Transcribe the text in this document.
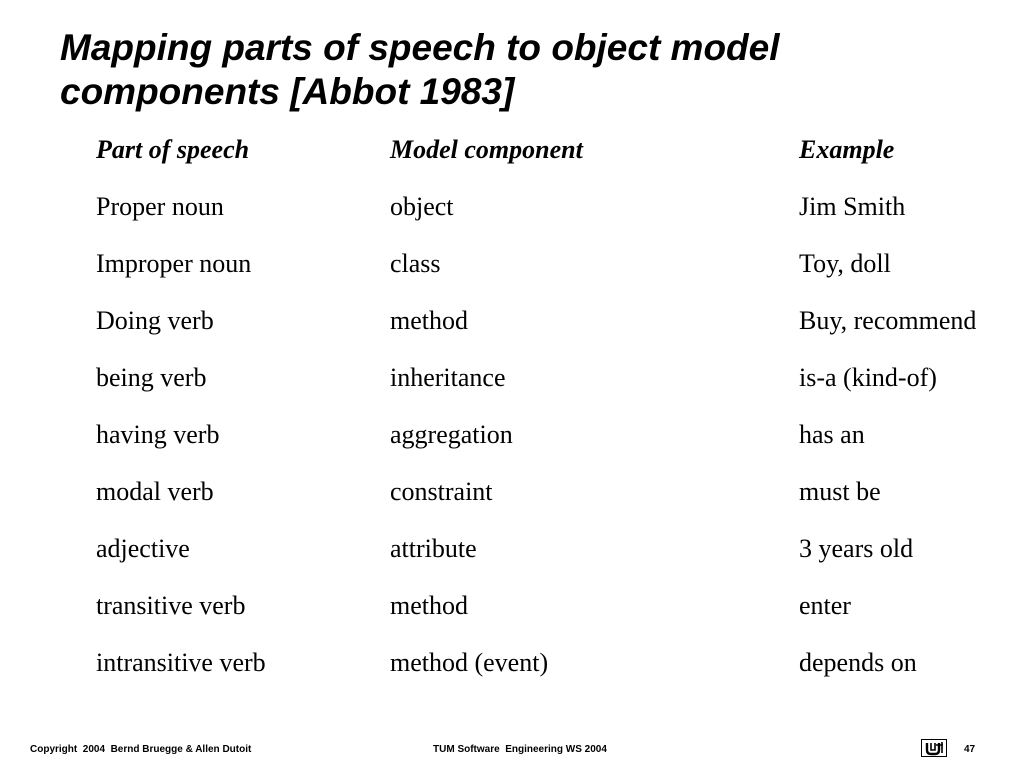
Mapping parts of speech to object model components [Abbot 1983]
Part of speech	Model component	Example
Proper noun	object	Jim Smith
Improper noun	class	Toy, doll
Doing verb	method	Buy, recommend
being verb	inheritance	is-a (kind-of)
having verb	aggregation	has an
modal verb	constraint	must be
adjective	attribute	3 years old
transitive verb	method	enter
intransitive verb	method (event)	depends on
Copyright  2004  Bernd Bruegge & Allen Dutoit	TUM Software  Engineering WS 2004	47
